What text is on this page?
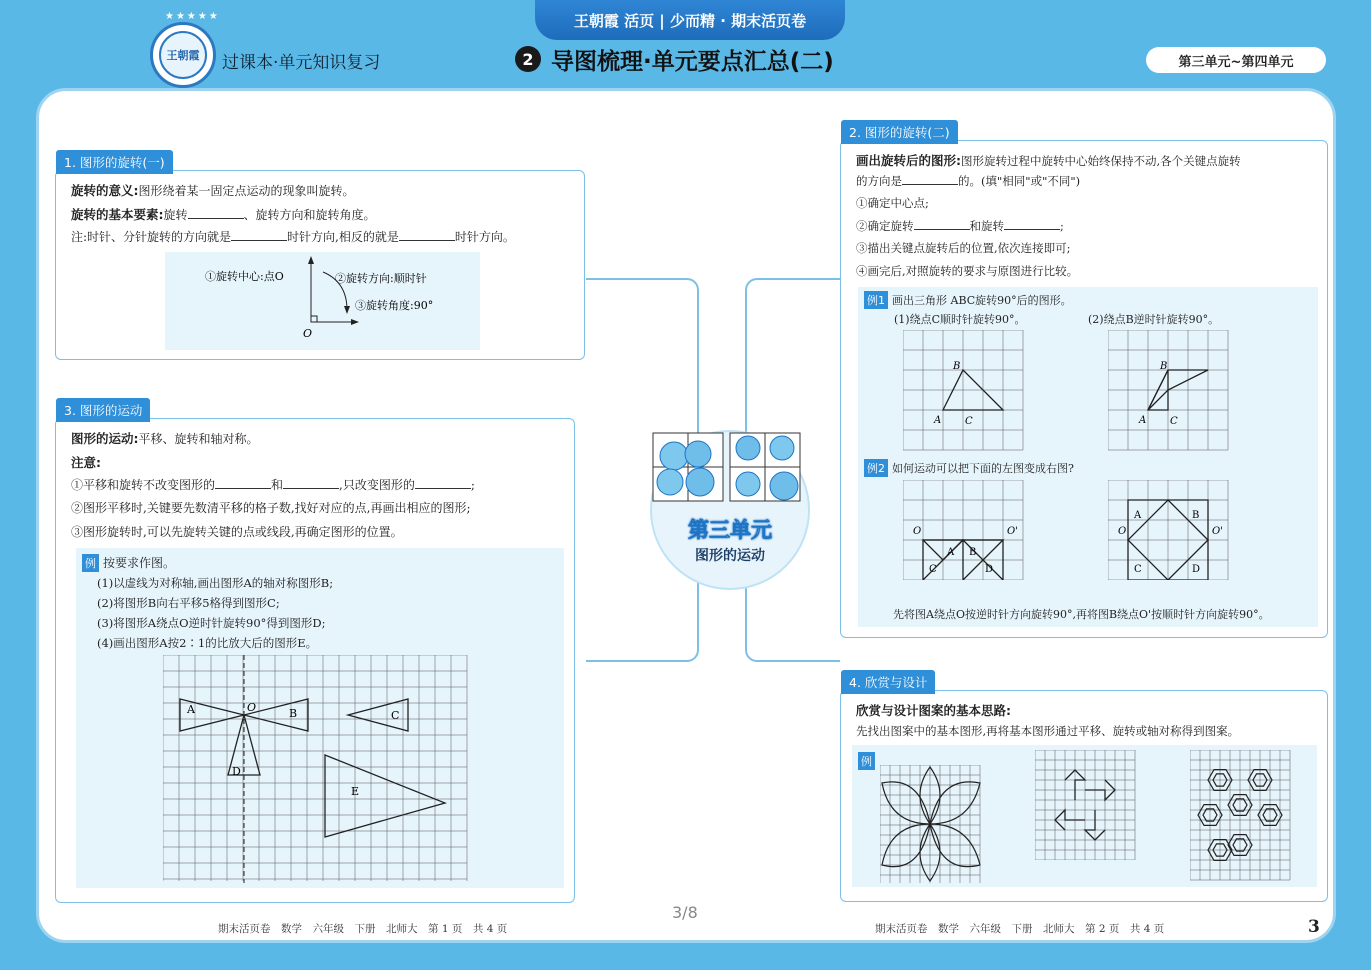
★★★★★
王朝霞	过课本·单元知识复习
王朝霞 活页 | 少而精 · 期末活页卷
2 导图梳理·单元要点汇总(二)	第三单元~第四单元
第三单元
图形的运动
1. 图形的旋转(一)
旋转的意义:图形绕着某一固定点运动的现象叫旋转。
旋转的基本要素:旋转	、旋转方向和旋转角度。
注:时针、分针旋转的方向就是	时针方向,相反的就是	时针方向。
①旋转中心:点O	②旋转方向:顺时针
③旋转角度:90°
O
3. 图形的运动
图形的运动:平移、旋转和轴对称。
注意:
①平移和旋转不改变图形的	和	,只改变图形的	;
②图形平移时,关键要先数清平移的格子数,找好对应的点,再画出相应的图形;
③图形旋转时,可以先旋转关键的点或线段,再确定图形的位置。
例 按要求作图。
(1)以虚线为对称轴,画出图形A的轴对称图形B;
(2)将图形B向右平移5格得到图形C;
(3)将图形A绕点O逆时针旋转90°得到图形D;
(4)画出图形A按2∶1的比放大后的图形E。
A	B	C
D
E
O
2. 图形的旋转(二)
画出旋转后的图形:图形旋转过程中旋转中心始终保持不动,各个关键点旋转
的方向是	的。(填"相同"或"不同")
①确定中心点;
②确定旋转	和旋转	;
③描出关键点旋转后的位置,依次连接即可;
④画完后,对照旋转的要求与原图进行比较。
例1 画出三角形 ABC旋转90°后的图形。
(1)绕点C顺时针旋转90°。	(2)绕点B逆时针旋转90°。
A
B
C	A
B
C
例2 如何运动可以把下面的左图变成右图?
O	O'
A B
C	D
O	O'
A	B
C	D
先将图A绕点O按逆时针方向旋转90°,再将图B绕点O'按顺时针方向旋转90°。
4. 欣赏与设计
欣赏与设计图案的基本思路:
先找出图案中的基本图形,再将基本图形通过平移、旋转或轴对称得到图案。
例
期末活页卷　数学　六年级　下册　北师大　第 1 页　共 4 页	期末活页卷　数学　六年级　下册　北师大　第 2 页　共 4 页
3/8
3
